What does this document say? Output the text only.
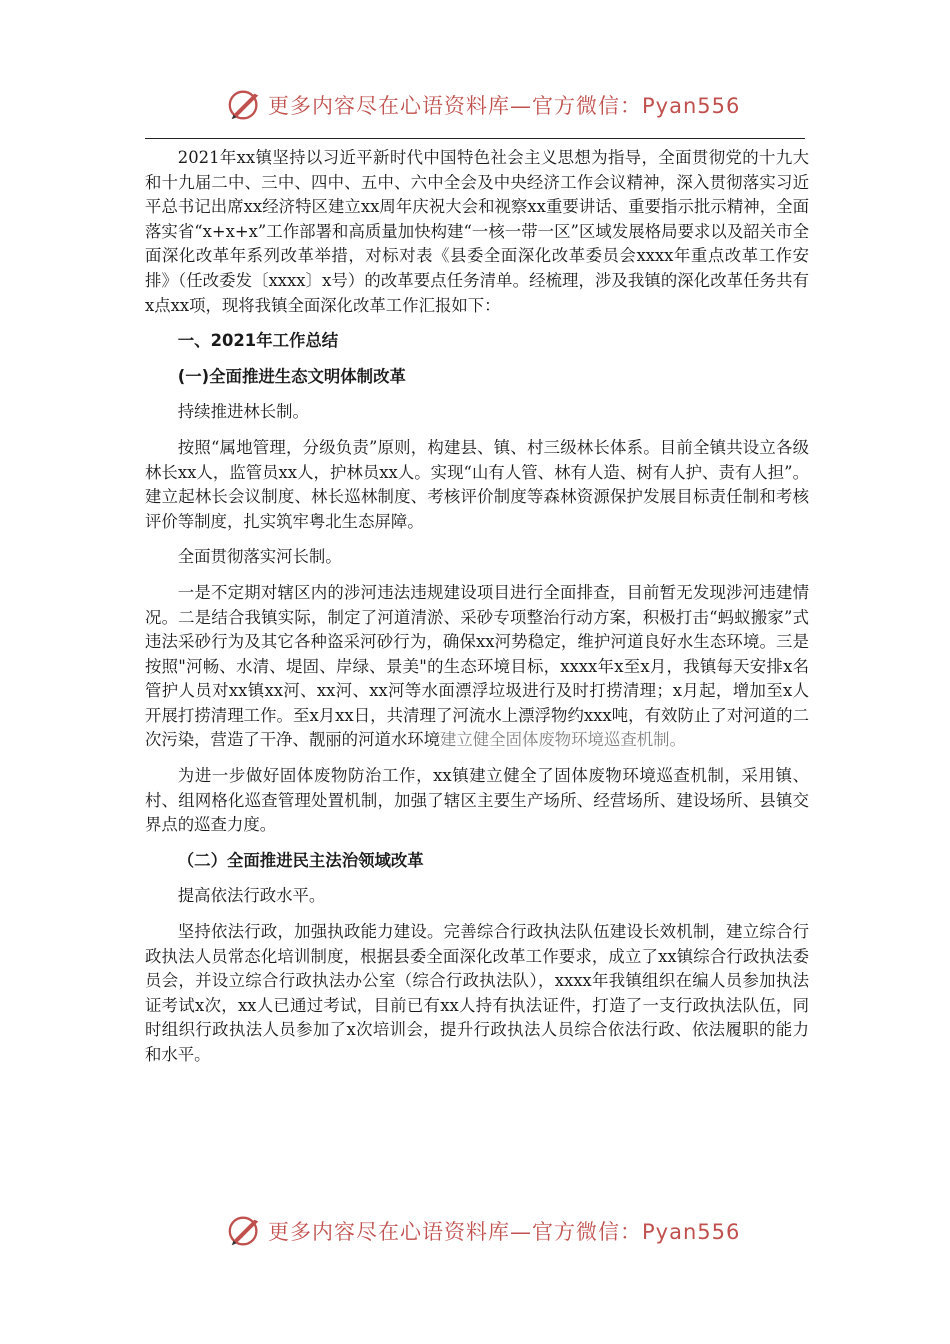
更多内容尽在心语资料库—官方微信：Pyan556

2021年xx镇坚持以习近平新时代中国特色社会主义思想为指导，全面贯彻党的十九大和十九届二中、三中、四中、五中、六中全会及中央经济工作会议精神，深入贯彻落实习近平总书记出席xx经济特区建立xx周年庆祝大会和视察xx重要讲话、重要指示批示精神，全面落实省“x+x+x”工作部署和高质量加快构建“一核一带一区”区域发展格局要求以及韶关市全面深化改革年系列改革举措，对标对表《县委全面深化改革委员会xxxx年重点改革工作安排》（任改委发〔xxxx〕x号）的改革要点任务清单。经梳理，涉及我镇的深化改革任务共有x点xx项，现将我镇全面深化改革工作汇报如下：

一、2021年工作总结
(一)全面推进生态文明体制改革

持续推进林长制。

按照“属地管理，分级负责”原则，构建县、镇、村三级林长体系。目前全镇共设立各级林长xx人，监管员xx人，护林员xx人。实现“山有人管、林有人造、树有人护、责有人担”。建立起林长会议制度、林长巡林制度、考核评价制度等森林资源保护发展目标责任制和考核评价等制度，扎实筑牢粤北生态屏障。

全面贯彻落实河长制。

一是不定期对辖区内的涉河违法违规建设项目进行全面排查，目前暂无发现涉河违建情况。二是结合我镇实际，制定了河道清淤、采砂专项整治行动方案，积极打击“蚂蚁搬家”式违法采砂行为及其它各种盗采河砂行为，确保xx河势稳定，维护河道良好水生态环境。三是按照"河畅、水清、堤固、岸绿、景美"的生态环境目标，xxxx年x至x月，我镇每天安排x名管护人员对xx镇xx河、xx河、xx河等水面漂浮垃圾进行及时打捞清理；x月起，增加至x人开展打捞清理工作。至x月xx日，共清理了河流水上漂浮物约xxx吨，有效防止了对河道的二次污染，营造了干净、靓丽的河道水环境建立健全固体废物环境巡查机制。

为进一步做好固体废物防治工作，xx镇建立健全了固体废物环境巡查机制，采用镇、村、组网格化巡查管理处置机制，加强了辖区主要生产场所、经营场所、建设场所、县镇交界点的巡查力度。

（二）全面推进民主法治领域改革

提高依法行政水平。

坚持依法行政，加强执政能力建设。完善综合行政执法队伍建设长效机制，建立综合行政执法人员常态化培训制度，根据县委全面深化改革工作要求，成立了xx镇综合行政执法委员会，并设立综合行政执法办公室（综合行政执法队），xxxx年我镇组织在编人员参加执法证考试x次，xx人已通过考试，目前已有xx人持有执法证件，打造了一支行政执法队伍，同时组织行政执法人员参加了x次培训会，提升行政执法人员综合依法行政、依法履职的能力和水平。

更多内容尽在心语资料库—官方微信：Pyan556
